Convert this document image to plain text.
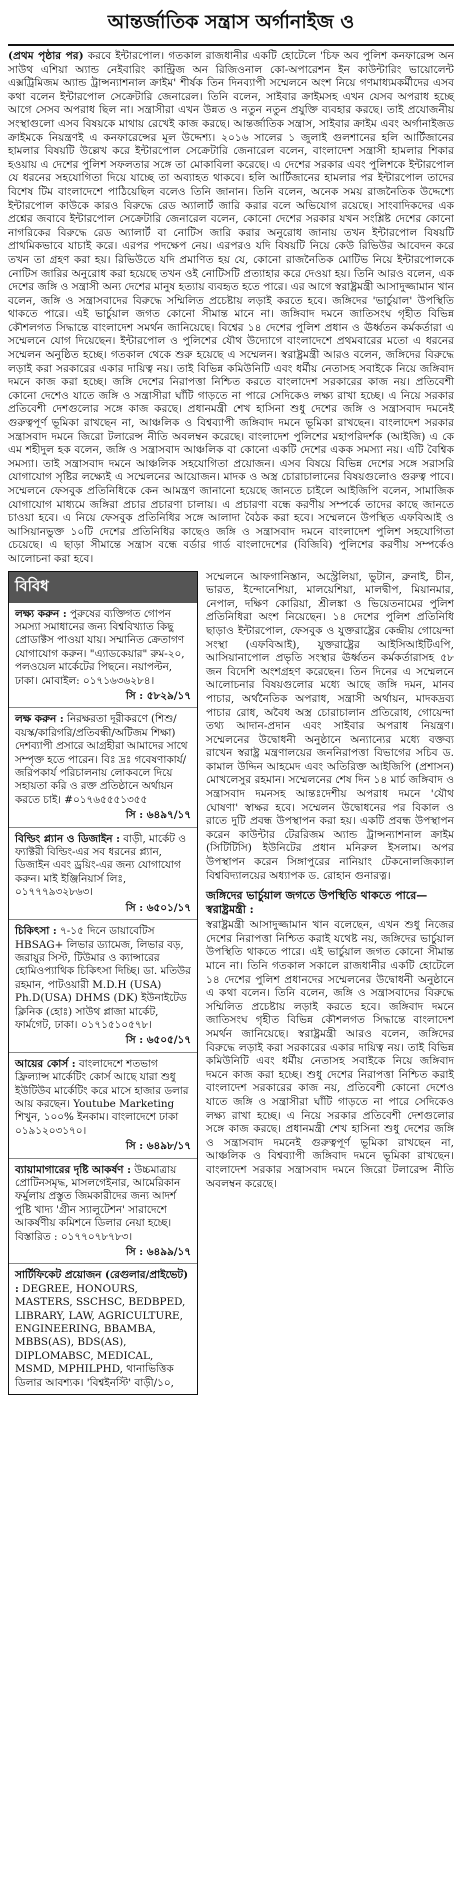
আন্তর্জাতিক সন্ত্রাস অর্গানাইজ ও

(প্রথম পৃষ্ঠার পর) করবে ইন্টারপোল। গতকাল রাজধানীর একটি হোটেলে 'চিফ অব পুলিশ কনফারেন্স অন সাউথ এশিয়া অ্যান্ড নেইবারিং কান্ট্রিজ অন রিজিওনাল কো-অপারেশন ইন কাউন্টারিং ভায়োলেন্ট এক্সট্রিমিজম অ্যান্ড ট্রান্সন্যাশনাল ক্রাইম' শীর্ষক তিন দিনব্যাপী সম্মেলনে অংশ নিয়ে গণমাধ্যমকর্মীদের এসব কথা বলেন ইন্টারপোল সেক্রেটারি জেনারেল। তিনি বলেন, সাইবার ক্রাইমসহ এখন যেসব অপরাধ হচ্ছে আগে সেসব অপরাধ ছিল না। সন্ত্রাসীরা এখন উন্নত ও নতুন নতুন প্রযুক্তি ব্যবহার করছে। তাই প্রযোজনীয় সংস্থাগুলো এসব বিষয়কে মাথায় রেখেই কাজ করছে। আন্তর্জাতিক সন্ত্রাস, সাইবার ক্রাইম এবং অর্গানাইজড ক্রাইমকে নিয়ন্ত্রণই এ কনফারেন্সের মূল উদ্দেশ্য। ২০১৬ সালের ১ জুলাই গুলশানের হলি আর্টিজানের হামলার বিষয়টি উল্লেখ করে ইন্টারপোল সেক্রেটারি জেনারেল বলেন, বাংলাদেশ সন্ত্রাসী হামলার শিকার হওয়ায় এ দেশের পুলিশ সফলতার সঙ্গে তা মোকাবিলা করেছে। এ দেশের সরকার এবং পুলিশকে ইন্টারপোল যে ধরনের সহযোগিতা দিয়ে যাচ্ছে তা অব্যাহত থাকবে। হলি আর্টিজানের হামলার পর ইন্টারপোল তাদের বিশেষ টিম বাংলাদেশে পাঠিয়েছিল বলেও তিনি জানান। তিনি বলেন, অনেক সময় রাজনৈতিক উদ্দেশ্যে ইন্টারপোল কাউকে কারও বিরুদ্ধে রেড অ্যালার্ট জারি করার বলে অভিযোগ রয়েছে। সাংবাদিকদের এক প্রশ্নের জবাবে ইন্টারপোল সেক্রেটারি জেনারেল বলেন, কোনো দেশের সরকার যখন সংশ্লিষ্ট দেশের কোনো নাগরিকের বিরুদ্ধে রেড অ্যালার্ট বা নোটিস জারি করার অনুরোধ জানায় তখন ইন্টারপোল বিষয়টি প্রাথমিকভাবে যাচাই করে। এরপর পদক্ষেপ নেয়। এরপরও যদি বিষয়টি নিয়ে কেউ রিভিউর আবেদন করে তখন তা গ্রহণ করা হয়। রিভিউতে যদি প্রমাণিত হয় যে, কোনো রাজনৈতিক মোটিভ নিয়ে ইন্টারপোলকে নোটিস জারির অনুরোধ করা হয়েছে তখন ওই নোটিসটি প্রত্যাহার করে দেওয়া হয়। তিনি আরও বলেন, এক দেশের জঙ্গি ও সন্ত্রাসী অন্য দেশের মানুষ হত্যায় ব্যবহৃত হতে পারে। এর আগে স্বরাষ্ট্রমন্ত্রী আসাদুজ্জামান খান বলেন, জঙ্গি ও সন্ত্রাসবাদের বিরুদ্ধে সম্মিলিত প্রচেষ্টায় লড়াই করতে হবে। জঙ্গিদের 'ভার্চুয়াল' উপস্থিতি থাকতে পারে। এই ভার্চুয়াল জগত কোনো সীমান্ত মানে না। জঙ্গিবাদ দমনে জাতিসংঘ গৃহীত বিভিন্ন কৌশলগত সিদ্ধান্তে বাংলাদেশ সমর্থন জানিয়েছে। বিশ্বের ১৪ দেশের পুলিশ প্রধান ও ঊর্ধ্বতন কর্মকর্তারা এ সম্মেলনে যোগ দিয়েছেন। ইন্টারপোল ও পুলিশের যৌথ উদ্যোগে বাংলাদেশে প্রথমবারের মতো এ ধরনের সম্মেলন অনুষ্ঠিত হচ্ছে। গতকাল থেকে শুরু হয়েছে এ সম্মেলন। স্বরাষ্ট্রমন্ত্রী আরও বলেন, জঙ্গিদের বিরুদ্ধে লড়াই করা সরকারের একার দায়িত্ব নয়। তাই বিভিন্ন কমিউনিটি এবং ধর্মীয় নেতাসহ সবাইকে নিয়ে জঙ্গিবাদ দমনে কাজ করা হচ্ছে। জঙ্গি দেশের নিরাপত্তা নিশ্চিত করতে বাংলাদেশ সরকারের কাজ নয়। প্রতিবেশী কোনো দেশেও যাতে জঙ্গি ও সন্ত্রাসীরা ঘাঁটি গাড়তে না পারে সেদিকেও লক্ষ্য রাখা হচ্ছে। এ নিয়ে সরকার প্রতিবেশী দেশগুলোর সঙ্গে কাজ করছে। প্রধানমন্ত্রী শেখ হাসিনা শুধু দেশের জঙ্গি ও সন্ত্রাসবাদ দমনেই গুরুত্বপূর্ণ ভূমিকা রাখছেন না, আঞ্চলিক ও বিশ্বব্যাপী জঙ্গিবাদ দমনে ভূমিকা রাখছেন। বাংলাদেশ সরকার সন্ত্রাসবাদ দমনে জিরো টলারেন্স নীতি অবলম্বন করেছে। বাংলাদেশ পুলিশের মহাপরিদর্শক (আইজি) এ কে এম শহীদুল হক বলেন, জঙ্গি ও সন্ত্রাসবাদ আঞ্চলিক বা কোনো একটি দেশের একক সমস্যা নয়। এটি বৈশ্বিক সমস্যা। তাই সন্ত্রাসবাদ দমনে আঞ্চলিক সহযোগিতা প্রয়োজন। এসব বিষয়ে বিভিন্ন দেশের সঙ্গে সরাসরি যোগাযোগ সৃষ্টির লক্ষ্যেই এ সম্মেলনের আয়োজন। মাদক ও অস্ত্র চোরাচালানের বিষয়গুলোও গুরুত্ব পাবে। সম্মেলনে ফেসবুক প্রতিনিধিকে কেন আমন্ত্রণ জানানো হয়েছে জানতে চাইলে আইজিপি বলেন, সামাজিক যোগাযোগ মাধ্যমে জঙ্গিরা প্রচার প্রচারণা চালায়। এ প্রচারণা বন্ধে করণীয় সম্পর্কে তাদের কাছে জানতে চাওয়া হবে। এ নিয়ে ফেসবুক প্রতিনিধির সঙ্গে আলাদা বৈঠক করা হবে। সম্মেলনে উপস্থিত এফবিআই ও আসিয়ানভুক্ত ১০টি দেশের প্রতিনিধির কাছেও জঙ্গি ও সন্ত্রাসবাদ দমনে বাংলাদেশ পুলিশ সহযোগিতা চেয়েছে। এ ছাড়া সীমান্তে সন্ত্রাস বন্ধে বর্ডার গার্ড বাংলাদেশের (বিজিবি) পুলিশের করণীয় সম্পর্কেও আলোচনা করা হবে।

বিবিধ
লক্ষ্য করুন : পুরুষের ব্যক্তিগত গোপন সমস্যা সমাধানের জন্য বিশ্ববিখ্যাত কিছু প্রোডাক্টস পাওয়া যায়। সম্মানিত ক্রেতাগণ যোগাযোগ করুন। "এ্যাডকেয়ার" রুম-২০, পলওয়েল মার্কেটের পিছনে। নয়াপল্টন, ঢাকা। মোবাইল: ০১৭১৬৩৬২৮৪।
সি : ৫৮২৯/১৭
লক্ষ করুন : নিরক্ষরতা দূরীকরণে (শিশু/বয়স্ক/কারিগরি/প্রতিবন্ধী/অটিজম শিক্ষা) দেশব্যাপী প্রসারে আগ্রহীরা আমাদের সাথে সম্পৃক্ত হতে পারেন। বিঃ দ্রঃ গবেষণাকার্য/জরিপকার্য পরিচালনায় লোকবলে দিয়ে সহায়তা করি ও রক্ত প্রতিষ্ঠানে অর্থায়ন করতে চাই। #০১৭৬৫৫৫১৩৫৫
সি : ৬৪৯৭/১৭
বিল্ডিং প্ল্যান ও ডিজাইন : বাড়ী, মার্কেট ও ফ্যাক্টরী বিল্ডিং-এর সব ধরনের প্ল্যান, ডিজাইন এবং ড্রয়িং-এর জন্য যোগাযোগ করুন। মাই ইঞ্জিনিয়ার্স লিঃ, ০১৭৭৭৯৩২৮৬৩।
সি : ৬৫০১/১৭
চিকিৎসা : ৭-১৫ দিনে ডায়াবেটিস HBSAG+ লিভার ড্যামেজ, লিভার বড়, জরায়ুর সিস্ট, টিউমার ও ক্যান্সারের হোমিওপ্যাথিক চিকিৎসা দিচ্ছি। ডা. মতিউর রহমান, পাটওয়ারী M.D.H (USA) Ph.D(USA) DHMS (DK) ইউনাইটেড ক্লিনিক (হোঃ) সাউথ প্লাজা মার্কেট, ফার্মগেট, ঢাকা। ০১৭১৫১০৫৭৮।
সি : ৬৫০৫/১৭
আয়ের কোর্স : বাংলাদেশে শতভাগ ফ্রিল্যান্স মার্কেটিং কোর্স আছে যারা শুধু ইউটিউব মার্কেটিং করে মাসে হাজার ডলার আয় করছেন। Youtube Marketing শিখুন, ১০০% ইনকাম। বাংলাদেশে ঢাকা ০১৯১২০৩১৭০।
সি : ৬৪৯৮/১৭
ব্যায়ামাগারের দৃষ্টি আকর্ষণ : উচ্চমাত্রায় প্রোটিনসমৃদ্ধ, মাসলগেইনার, আমেরিকান ফর্মুলায় প্রস্তুত জিমকারীদের জন্য আদর্শ পুষ্টি খাদ্য 'গ্রীন স্যালুটেশন' সারাদেশে আকর্ষণীয় কমিশনে ডিলার নেয়া হচ্ছে। বিস্তারিত : ০১৭৭০৭৮৭৮৩।
সি : ৬৪৯৯/১৭
সার্টিফিকেট প্রয়োজন (রেগুলার/প্রাইভেট) : DEGREE, HONOURS, MASTERS, SSCHSC, BEDBPED, LIBRARY, LAW, AGRICULTURE, ENGINEERING, BBAMBA, MBBS(AS), BDS(AS), DIPLOMABSC, MEDICAL, MSMD, MPHILPHD, থানাভিত্তিক ডিলার আবশ্যক। 'বিশ্বইনস্টি' বাড়ী/১০,

সম্মেলনে আফগানিস্তান, অস্ট্রেলিয়া, ভুটান, ব্রুনাই, চীন, ভারত, ইন্দোনেশিয়া, মালয়েশিয়া, মালদ্বীপ, মিয়ানমার, নেপাল, দক্ষিণ কোরিয়া, শ্রীলঙ্কা ও ভিয়েতনামের পুলিশ প্রতিনিধিরা অংশ নিয়েছেন। ১৪ দেশের পুলিশ প্রতিনিধি ছাড়াও ইন্টারপোল, ফেসবুক ও যুক্তরাষ্ট্রের কেন্দ্রীয় গোয়েন্দা সংস্থা (এফবিআই), যুক্তরাষ্ট্রের আইসিআইটিএপি, আসিয়ানাপোল প্রভৃতি সংস্থার ঊর্ধ্বতন কর্মকর্তারাসহ ৫৮ জন বিদেশি অংশগ্রহণ করেছেন। তিন দিনের এ সম্মেলনে আলোচনার বিষয়গুলোর মধ্যে আছে জঙ্গি দমন, মানব পাচার, অর্থনৈতিক অপরাধ, সন্ত্রাসী অর্থায়ন, মাদকদ্রব্য পাচার রোধ, অবৈধ অস্ত্র চোরাচালান প্রতিরোধ, গোয়েন্দা তথ্য আদান-প্রদান এবং সাইবার অপরাধ নিয়ন্ত্রণ। সম্মেলনের উদ্বোধনী অনুষ্ঠানে অন্যান্যের মধ্যে বক্তব্য রাখেন স্বরাষ্ট্র মন্ত্রণালয়ের জননিরাপত্তা বিভাগের সচিব ড. কামাল উদ্দিন আহমেদ এবং অতিরিক্ত আইজিপি (প্রশাসন) মোখলেসুর রহমান। সম্মেলনের শেষ দিন ১৪ মার্চ জঙ্গিবাদ ও সন্ত্রাসবাদ দমনসহ আন্তঃদেশীয় অপরাধ দমনে 'যৌথ ঘোষণা' স্বাক্ষর হবে। সম্মেলন উদ্বোধনের পর বিকাল ও রাতে দুটি প্রবন্ধ উপস্থাপন করা হয়। একটি প্রবন্ধ উপস্থাপন করেন কাউন্টার টেররিজম অ্যান্ড ট্রান্সন্যাশনাল ক্রাইম (সিটিটিসি) ইউনিটের প্রধান মনিরুল ইসলাম। অপর উপস্থাপন করেন সিঙ্গাপুরের নানিয়াং টেকনোলজিক্যাল বিশ্ববিদ্যালয়ের অধ্যাপক ড. রোহান গুনারত্ন।

জঙ্গিদের ভার্চুয়াল জগতে উপস্থিতি থাকতে পারে—স্বরাষ্ট্রমন্ত্রী :

স্বরাষ্ট্রমন্ত্রী আসাদুজ্জামান খান বলেছেন, এখন শুধু নিজের দেশের নিরাপত্তা নিশ্চিত করাই যথেষ্ট নয়, জঙ্গিদের ভার্চুয়াল উপস্থিতি থাকতে পারে। এই ভার্চুয়াল জগত কোনো সীমান্ত মানে না। তিনি গতকাল সকালে রাজধানীর একটি হোটেলে ১৪ দেশের পুলিশ প্রধানদের সম্মেলনের উদ্বোধনী অনুষ্ঠানে এ কথা বলেন। তিনি বলেন, জঙ্গি ও সন্ত্রাসবাদের বিরুদ্ধে সম্মিলিত প্রচেষ্টায় লড়াই করতে হবে। জঙ্গিবাদ দমনে জাতিসংঘ গৃহীত বিভিন্ন কৌশলগত সিদ্ধান্তে বাংলাদেশ সমর্থন জানিয়েছে। স্বরাষ্ট্রমন্ত্রী আরও বলেন, জঙ্গিদের বিরুদ্ধে লড়াই করা সরকারের একার দায়িত্ব নয়। তাই বিভিন্ন কমিউনিটি এবং ধর্মীয় নেতাসহ সবাইকে নিয়ে জঙ্গিবাদ দমনে কাজ করা হচ্ছে। শুধু দেশের নিরাপত্তা নিশ্চিত করাই বাংলাদেশ সরকারের কাজ নয়, প্রতিবেশী কোনো দেশেও যাতে জঙ্গি ও সন্ত্রাসীরা ঘাঁটি গাড়তে না পারে সেদিকেও লক্ষ্য রাখা হচ্ছে। এ নিয়ে সরকার প্রতিবেশী দেশগুলোর সঙ্গে কাজ করছে। প্রধানমন্ত্রী শেখ হাসিনা শুধু দেশের জঙ্গি ও সন্ত্রাসবাদ দমনেই গুরুত্বপূর্ণ ভূমিকা রাখছেন না, আঞ্চলিক ও বিশ্বব্যাপী জঙ্গিবাদ দমনে ভূমিকা রাখছেন। বাংলাদেশ সরকার সন্ত্রাসবাদ দমনে জিরো টলারেন্স নীতি অবলম্বন করেছে।
